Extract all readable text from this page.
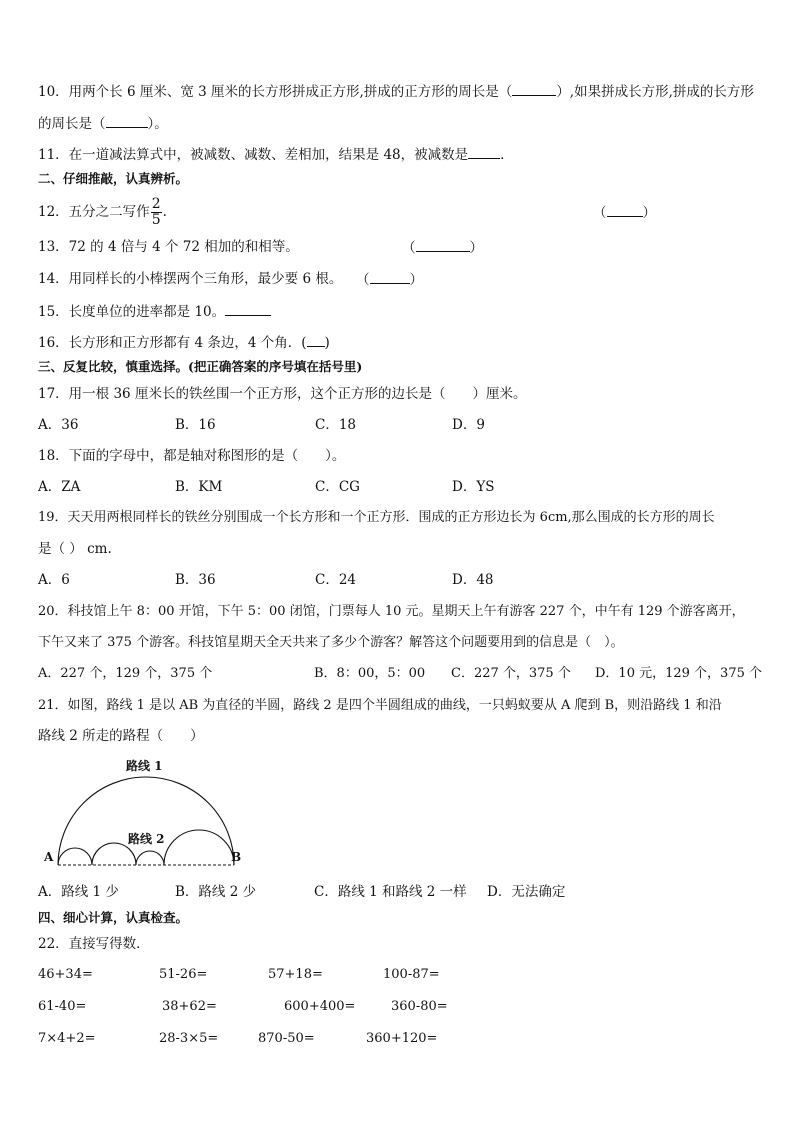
10．用两个长 6 厘米、宽 3 厘米的长方形拼成正方形,拼成的正方形的周长是（	）,如果拼成长方形,拼成的长方形
的周长是（	）。
11．在一道减法算式中，被减数、减数、差相加，结果是 48，被减数是 .
二、仔细推敲，认真辨析。
12．五分之二写作 $\frac{2}{5}$ .	（	）
13．72 的 4 倍与 4 个 72 相加的和相等。	（	）
14．用同样长的小棒摆两个三角形，最少要 6 根。 （	）
15．长度单位的进率都是 10。
16．长方形和正方形都有 4 条边，4 个角．( )
三、反复比较，慎重选择。(把正确答案的序号填在括号里)
17．用一根 36 厘米长的铁丝围一个正方形，这个正方形的边长是（　　）厘米。
A．36	B．16	C．18	D．9
18．下面的字母中，都是轴对称图形的是（　　）。
A．ZA	B．KM	C．CG	D．YS
19．天天用两根同样长的铁丝分别围成一个长方形和一个正方形．围成的正方形边长为 6cm,那么围成的长方形的周长
是（ ） cm.
A．6	B．36	C．24	D．48
20．科技馆上午 8：00 开馆，下午 5：00 闭馆，门票每人 10 元。星期天上午有游客 227 个，中午有 129 个游客离开，
下午又来了 375 个游客。科技馆星期天全天共来了多少个游客？解答这个问题要用到的信息是（　）。
A．227 个，129 个，375 个	B．8：00，5：00 C．227 个，375 个 D．10 元，129 个，375 个
21．如图，路线 1 是以 AB 为直径的半圆，路线 2 是四个半圆组成的曲线，一只蚂蚁要从 A 爬到 B，则沿路线 1 和沿
路线 2 所走的路程（　　）
路线 1
路线 2
A	B
A．路线 1 少	B．路线 2 少	C．路线 1 和路线 2 一样 D．无法确定
四、细心计算，认真检查。
22．直接写得数．
46+34=	51-26=	57+18=	100-87=
61-40=	38+62=	600+400=	360-80=
7×4+2=	28-3×5=	870-50=	360+120=
